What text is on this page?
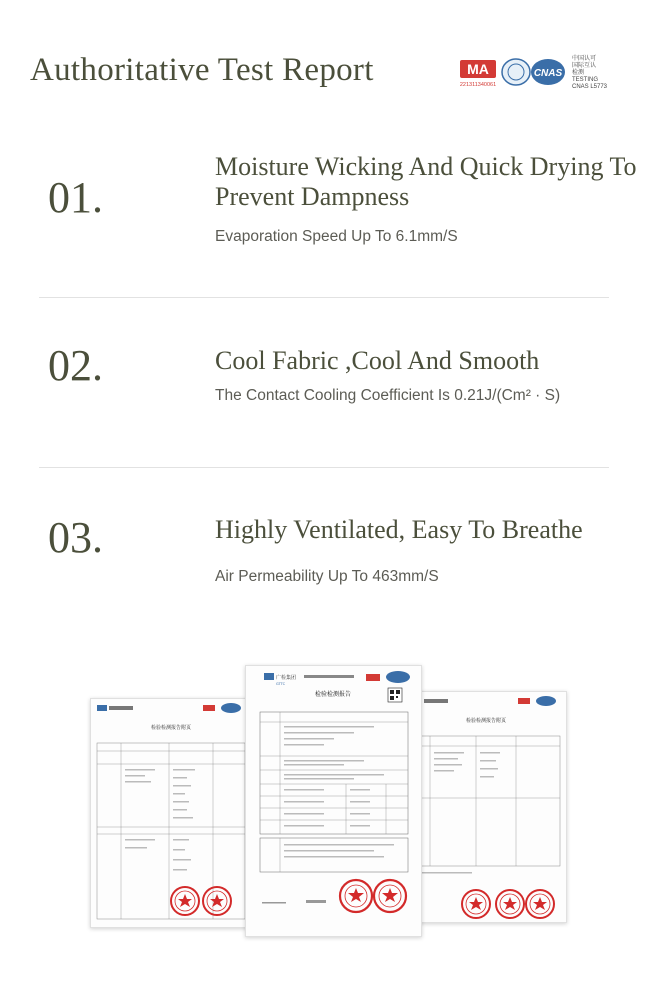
Authoritative Test Report	MA
221311340061
CNAS
中国认可
国际互认
检测
TESTING
CNAS L5773
01.
Moisture Wicking And Quick Drying To Prevent Dampness
Evaporation Speed Up To 6.1mm/S
02.	Cool Fabric ,Cool And Smooth
The Contact Cooling Coefficient Is 0.21J/(Cm² · S)
03.	Highly Ventilated, Easy To Breathe
Air Permeability Up To 463mm/S
检验检测报告附页
检验检测报告附页
广检集团
GTTC
检验检测报告
